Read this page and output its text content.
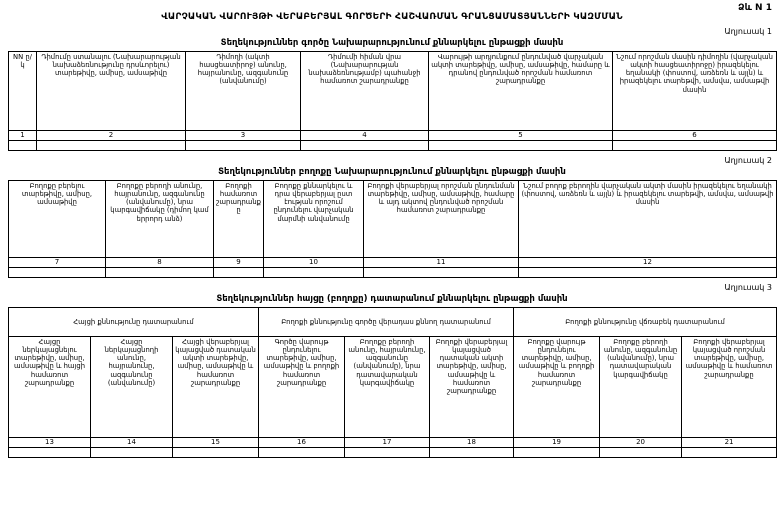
Ձև N 1
ՎԱՐՉԱԿԱՆ ՎԱՐՈՒՅԹԻ ՎԵՐԱԲԵՐՅԱԼ ԳՈՐԾԵՐԻ ՀԱՇՎԱՌՄԱՆ ԳՐԱՆՑԱՄԱՏՅԱՆՆԵՐԻ ԿԱԶՄՄԱՆ
Աղյուսակ 1
Տեղեկություններ գործը Նախարարությունում քննարկելու ընթացքի մասին
NN ը/կ	Դիմումը ստանալու (Նախարարության նախաձեռնությունը դրսևորելու) տարեթիվը, ամիսը, ամսաթիվը	Դիմողի (ակտի հասցեատիրոջ) անունը, հայրանունը, ազգանունը (անվանումը)	Դիմումի հիման վրա (Նախարարության նախաձեռնությամբ) պահանջի համառոտ շարադրանքը	Վարույթի արդյունքում ընդունված վարչական ակտի տարեթիվը, ամիսը, ամսաթիվը, համարը և դրանով ընդունված որոշման համառոտ շարադրանքը	Նշում որոշման մասին դիմողին (վարչական ակտի հասցեատիրոջը) իրազեկելու եղանակի (փոստով, առձեռն և այլն) և իրազեկելու տարեթվի, ամսվա, ամսաթվի մասին
1	2	3	4	5	6

Աղյուսակ 2
Տեղեկություններ բողոքը Նախարարությունում քննարկելու ընթացքի մասին
Բողոքը բերելու տարեթիվը, ամիսը, ամսաթիվը	Բողոքը բերողի անունը, հայրանունը, ազգանունը (անվանումը), նրա կարգավիճակը (դիմող կամ երրորդ անձ)	Բողոքի համառոտ շարադրանքը	Բողոքը քննարկելու և դրա վերաբերյալ ըստ էության որոշում ընդունելու վարչական մարմնի անվանումը	Բողոքի վերաբերյալ որոշման ընդունման տարեթիվը, ամիսը, ամսաթիվը, համարը և այդ ակտով ընդունված որոշման համառոտ շարադրանքը	Նշում բողոք բերողին վարչական ակտի մասին իրազեկելու եղանակի (փոստով, առձեռն և այլն) և իրազեկելու տարեթվի, ամսվա, ամսաթվի մասին
7	8	9	10	11	12

Աղյուսակ 3
Տեղեկություններ հայցը (բողոքը) դատարանում քննարկելու ընթացքի մասին
Հայցի քննությունը դատարանում			Բողոքի քննությունը գործը վերադաս քննող դատարանում			Բողոքի քննությունը վճռաբեկ դատարանում		
Հայցը ներկայացնելու տարեթիվը, ամիսը, ամսաթիվը և հայցի համառոտ շարադրանքը	Հայցը ներկայացնողի անունը, հայրանունը, ազգանունը (անվանումը)	Հայցի վերաբերյալ կայացված դատական ակտի տարեթիվը, ամիսը, ամսաթիվը և համառոտ շարադրանքը	Գործը վարույթ ընդունելու տարեթիվը, ամիսը, ամսաթիվը և բողոքի համառոտ շարադրանքը	Բողոքը բերողի անունը, հայրանունը, ազգանունը (անվանումը), նրա դատավարական կարգավիճակը	Բողոքի վերաբերյալ կայացված դատական ակտի տարեթիվը, ամիսը, ամսաթիվը և համառոտ շարադրանքը	Բողոքը վարույթ ընդունելու տարեթիվը, ամիսը, ամսաթիվը և բողոքի համառոտ շարադրանքը	Բողոքը բերողի անունը, ազգանունը (անվանումը), նրա դատավարական կարգավիճակը	Բողոքի վերաբերյալ կայացված որոշման տարեթիվը, ամիսը, ամսաթիվը և համառոտ շարադրանքը
13	14	15	16	17	18	19	20	21
